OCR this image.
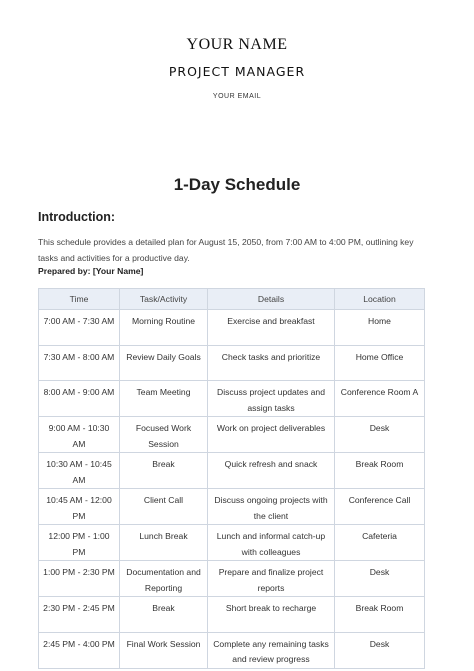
YOUR NAME
PROJECT MANAGER
YOUR EMAIL
1-Day Schedule
Introduction:
This schedule provides a detailed plan for August 15, 2050, from 7:00 AM to 4:00 PM, outlining key tasks and activities for a productive day.
Prepared by: [Your Name]
Time	Task/Activity	Details	Location
7:00 AM - 7:30 AM	Morning Routine	Exercise and breakfast	Home
7:30 AM - 8:00 AM	Review Daily Goals	Check tasks and prioritize	Home Office
8:00 AM - 9:00 AM	Team Meeting	Discuss project updates and assign tasks	Conference Room A
9:00 AM - 10:30 AM	Focused Work Session	Work on project deliverables	Desk
10:30 AM - 10:45 AM	Break	Quick refresh and snack	Break Room
10:45 AM - 12:00 PM	Client Call	Discuss ongoing projects with the client	Conference Call
12:00 PM - 1:00 PM	Lunch Break	Lunch and informal catch-up with colleagues	Cafeteria
1:00 PM - 2:30 PM	Documentation and Reporting	Prepare and finalize project reports	Desk
2:30 PM - 2:45 PM	Break	Short break to recharge	Break Room
2:45 PM - 4:00 PM	Final Work Session	Complete any remaining tasks and review progress	Desk
